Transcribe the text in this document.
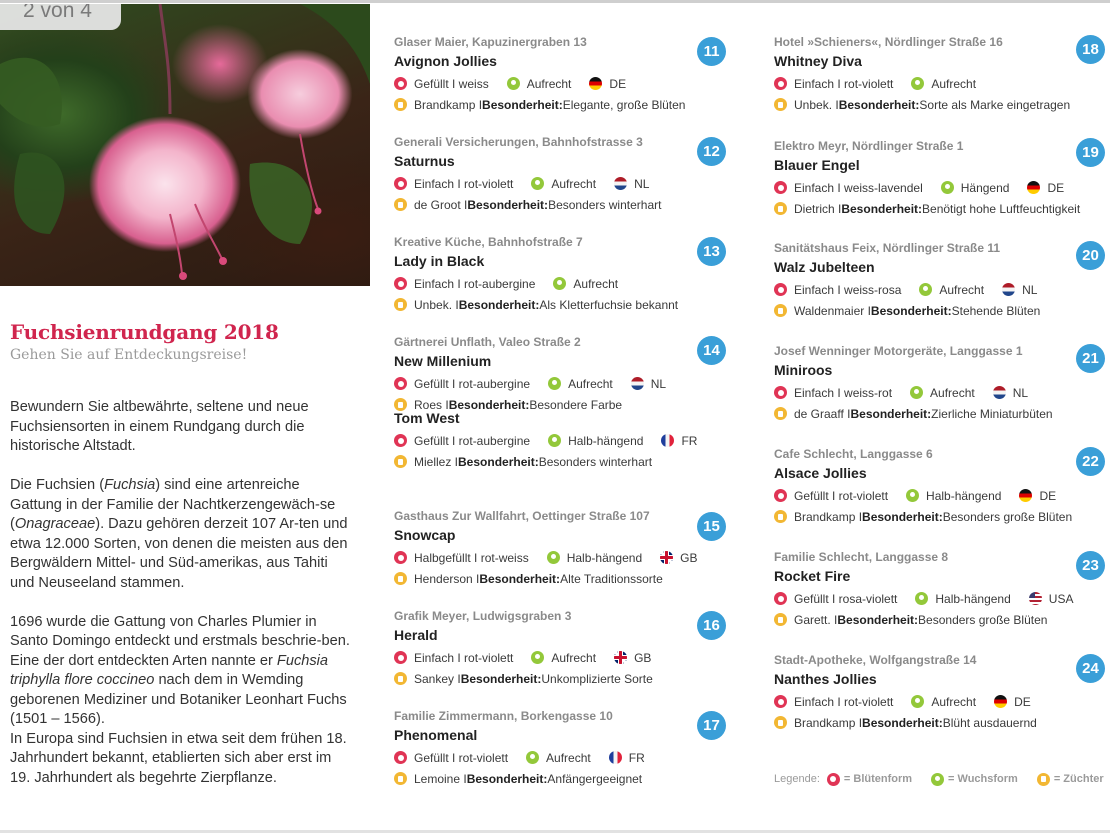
2 von 4
Fuchsienrundgang 2018
Gehen Sie auf Entdeckungsreise!

Bewundern Sie altbewährte, seltene und neue Fuchsiensorten in einem Rundgang durch die historische Altstadt.

Die Fuchsien (Fuchsia) sind eine artenreiche Gattung in der Familie der Nachtkerzengewäch-se (Onagraceae). Dazu gehören derzeit 107 Ar-ten und etwa 12.000 Sorten, von denen die meisten aus den Bergwäldern Mittel- und Süd-amerikas, aus Tahiti und Neuseeland stammen.

1696 wurde die Gattung von Charles Plumier in Santo Domingo entdeckt und erstmals beschrie-ben. Eine der dort entdeckten Arten nannte er Fuchsia triphylla flore coccineo nach dem in Wemding geborenen Mediziner und Botaniker Leonhart Fuchs (1501 – 1566).

In Europa sind Fuchsien in etwa seit dem frühen 18. Jahrhundert bekannt, etablierten sich aber erst im 19. Jahrhundert als begehrte Zierpflanze.

Glaser Maier, Kapuzinergraben 13
Avignon Jollies
Gefüllt I weiss	Aufrecht	DE
Brandkamp I Besonderheit: Elegante, große Blüten
11
Generali Versicherungen, Bahnhofstrasse 3
Saturnus
Einfach I rot-violett	Aufrecht	NL
de Groot I Besonderheit: Besonders winterhart
12
Kreative Küche, Bahnhofstraße 7
Lady in Black
Einfach I rot-aubergine	Aufrecht
Unbek. I Besonderheit: Als Kletterfuchsie bekannt
13
Gärtnerei Unflath, Valeo Straße 2
New Millenium
Gefüllt I rot-aubergine	Aufrecht	NL
Roes I Besonderheit: Besondere Farbe
14
Tom West
Gefüllt I rot-aubergine	Halb-hängend	FR
Miellez I Besonderheit: Besonders winterhart
Gasthaus Zur Wallfahrt, Oettinger Straße 107
Snowcap
Halbgefüllt I rot-weiss	Halb-hängend	GB
Henderson I Besonderheit: Alte Traditionssorte
15
Grafik Meyer, Ludwigsgraben 3
Herald
Einfach I rot-violett	Aufrecht	GB
Sankey I Besonderheit: Unkomplizierte Sorte
16
Familie Zimmermann, Borkengasse 10
Phenomenal
Gefüllt I rot-violett	Aufrecht	FR
Lemoine I Besonderheit: Anfängergeeignet
17
Hotel »Schieners«, Nördlinger Straße 16
Whitney Diva
Einfach I rot-violett	Aufrecht
Unbek. I Besonderheit: Sorte als Marke eingetragen
18
Elektro Meyr, Nördlinger Straße 1
Blauer Engel
Einfach I weiss-lavendel	Hängend	DE
Dietrich I Besonderheit: Benötigt hohe Luftfeuchtigkeit
19
Sanitätshaus Feix, Nördlinger Straße 11
Walz Jubelteen
Einfach I weiss-rosa	Aufrecht	NL
Waldenmaier I Besonderheit: Stehende Blüten
20
Josef Wenninger Motorgeräte, Langgasse 1
Miniroos
Einfach I weiss-rot	Aufrecht	NL
de Graaff I Besonderheit: Zierliche Miniaturbüten
21
Cafe Schlecht, Langgasse 6
Alsace Jollies
Gefüllt I rot-violett	Halb-hängend	DE
Brandkamp I Besonderheit: Besonders große Blüten
22
Familie Schlecht, Langgasse 8
Rocket Fire
Gefüllt I rosa-violett	Halb-hängend	USA
Garett. I Besonderheit: Besonders große Blüten
23
Stadt-Apotheke, Wolfgangstraße 14
Nanthes Jollies
Einfach I rot-violett	Aufrecht	DE
Brandkamp I Besonderheit: Blüht ausdauernd
24
Legende: = Blütenform	= Wuchsform	= Züchter
